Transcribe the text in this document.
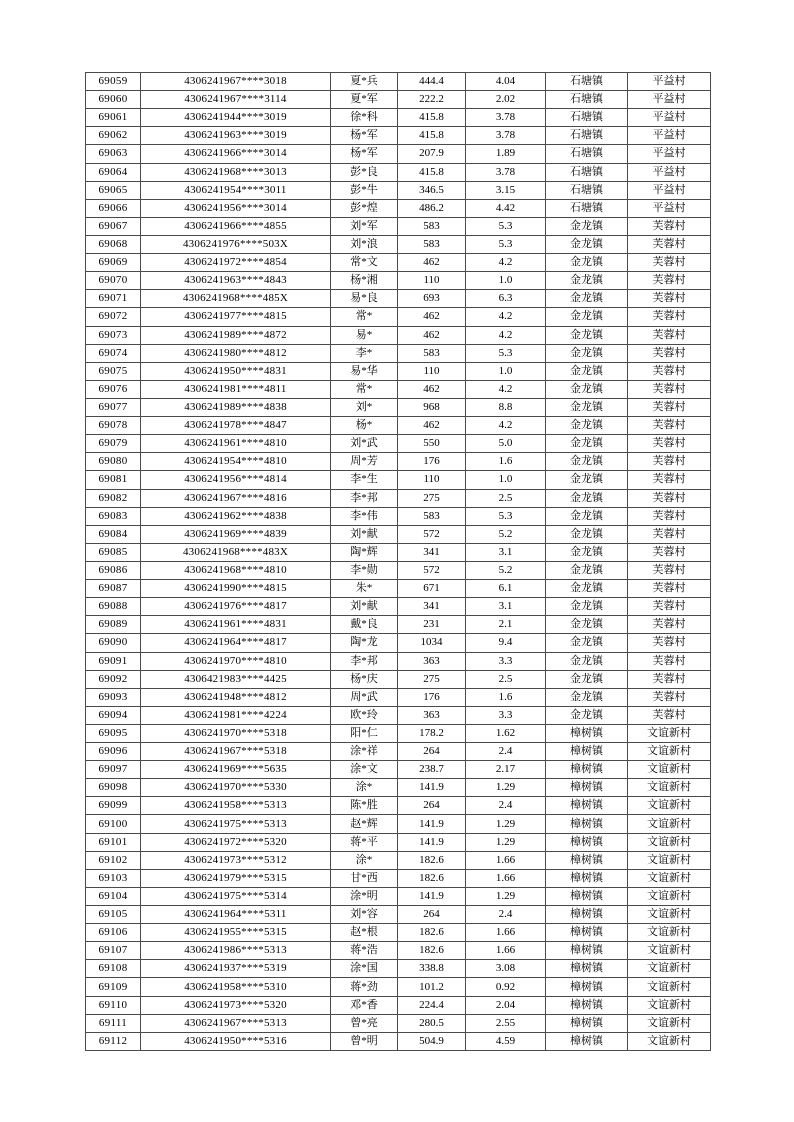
69059	4306241967****3018	夏*兵	444.4	4.04	石塘镇	平益村
69060	4306241967****3114	夏*军	222.2	2.02	石塘镇	平益村
69061	4306241944****3019	徐*科	415.8	3.78	石塘镇	平益村
69062	4306241963****3019	杨*军	415.8	3.78	石塘镇	平益村
69063	4306241966****3014	杨*军	207.9	1.89	石塘镇	平益村
69064	4306241968****3013	彭*良	415.8	3.78	石塘镇	平益村
69065	4306241954****3011	彭*牛	346.5	3.15	石塘镇	平益村
69066	4306241956****3014	彭*煌	486.2	4.42	石塘镇	平益村
69067	4306241966****4855	刘*军	583	5.3	金龙镇	芙蓉村
69068	4306241976****503X	刘*浪	583	5.3	金龙镇	芙蓉村
69069	4306241972****4854	常*文	462	4.2	金龙镇	芙蓉村
69070	4306241963****4843	杨*湘	110	1.0	金龙镇	芙蓉村
69071	4306241968****485X	易*良	693	6.3	金龙镇	芙蓉村
69072	4306241977****4815	常*	462	4.2	金龙镇	芙蓉村
69073	4306241989****4872	易*	462	4.2	金龙镇	芙蓉村
69074	4306241980****4812	李*	583	5.3	金龙镇	芙蓉村
69075	4306241950****4831	易*华	110	1.0	金龙镇	芙蓉村
69076	4306241981****4811	常*	462	4.2	金龙镇	芙蓉村
69077	4306241989****4838	刘*	968	8.8	金龙镇	芙蓉村
69078	4306241978****4847	杨*	462	4.2	金龙镇	芙蓉村
69079	4306241961****4810	刘*武	550	5.0	金龙镇	芙蓉村
69080	4306241954****4810	周*芳	176	1.6	金龙镇	芙蓉村
69081	4306241956****4814	李*生	110	1.0	金龙镇	芙蓉村
69082	4306241967****4816	李*邦	275	2.5	金龙镇	芙蓉村
69083	4306241962****4838	李*伟	583	5.3	金龙镇	芙蓉村
69084	4306241969****4839	刘*献	572	5.2	金龙镇	芙蓉村
69085	4306241968****483X	陶*辉	341	3.1	金龙镇	芙蓉村
69086	4306241968****4810	李*勋	572	5.2	金龙镇	芙蓉村
69087	4306241990****4815	朱*	671	6.1	金龙镇	芙蓉村
69088	4306241976****4817	刘*献	341	3.1	金龙镇	芙蓉村
69089	4306241961****4831	戴*良	231	2.1	金龙镇	芙蓉村
69090	4306241964****4817	陶*龙	1034	9.4	金龙镇	芙蓉村
69091	4306241970****4810	李*邦	363	3.3	金龙镇	芙蓉村
69092	4306421983****4425	杨*庆	275	2.5	金龙镇	芙蓉村
69093	4306241948****4812	周*武	176	1.6	金龙镇	芙蓉村
69094	4306241981****4224	欧*玲	363	3.3	金龙镇	芙蓉村
69095	4306241970****5318	阳*仁	178.2	1.62	樟树镇	文谊新村
69096	4306241967****5318	涂*祥	264	2.4	樟树镇	文谊新村
69097	4306241969****5635	涂*文	238.7	2.17	樟树镇	文谊新村
69098	4306241970****5330	涂*	141.9	1.29	樟树镇	文谊新村
69099	4306241958****5313	陈*胜	264	2.4	樟树镇	文谊新村
69100	4306241975****5313	赵*辉	141.9	1.29	樟树镇	文谊新村
69101	4306241972****5320	蒋*平	141.9	1.29	樟树镇	文谊新村
69102	4306241973****5312	涂*	182.6	1.66	樟树镇	文谊新村
69103	4306241979****5315	甘*西	182.6	1.66	樟树镇	文谊新村
69104	4306241975****5314	涂*明	141.9	1.29	樟树镇	文谊新村
69105	4306241964****5311	刘*容	264	2.4	樟树镇	文谊新村
69106	4306241955****5315	赵*根	182.6	1.66	樟树镇	文谊新村
69107	4306241986****5313	蒋*浩	182.6	1.66	樟树镇	文谊新村
69108	4306241937****5319	涂*国	338.8	3.08	樟树镇	文谊新村
69109	4306241958****5310	蒋*劲	101.2	0.92	樟树镇	文谊新村
69110	4306241973****5320	邓*香	224.4	2.04	樟树镇	文谊新村
69111	4306241967****5313	曾*亮	280.5	2.55	樟树镇	文谊新村
69112	4306241950****5316	曾*明	504.9	4.59	樟树镇	文谊新村
